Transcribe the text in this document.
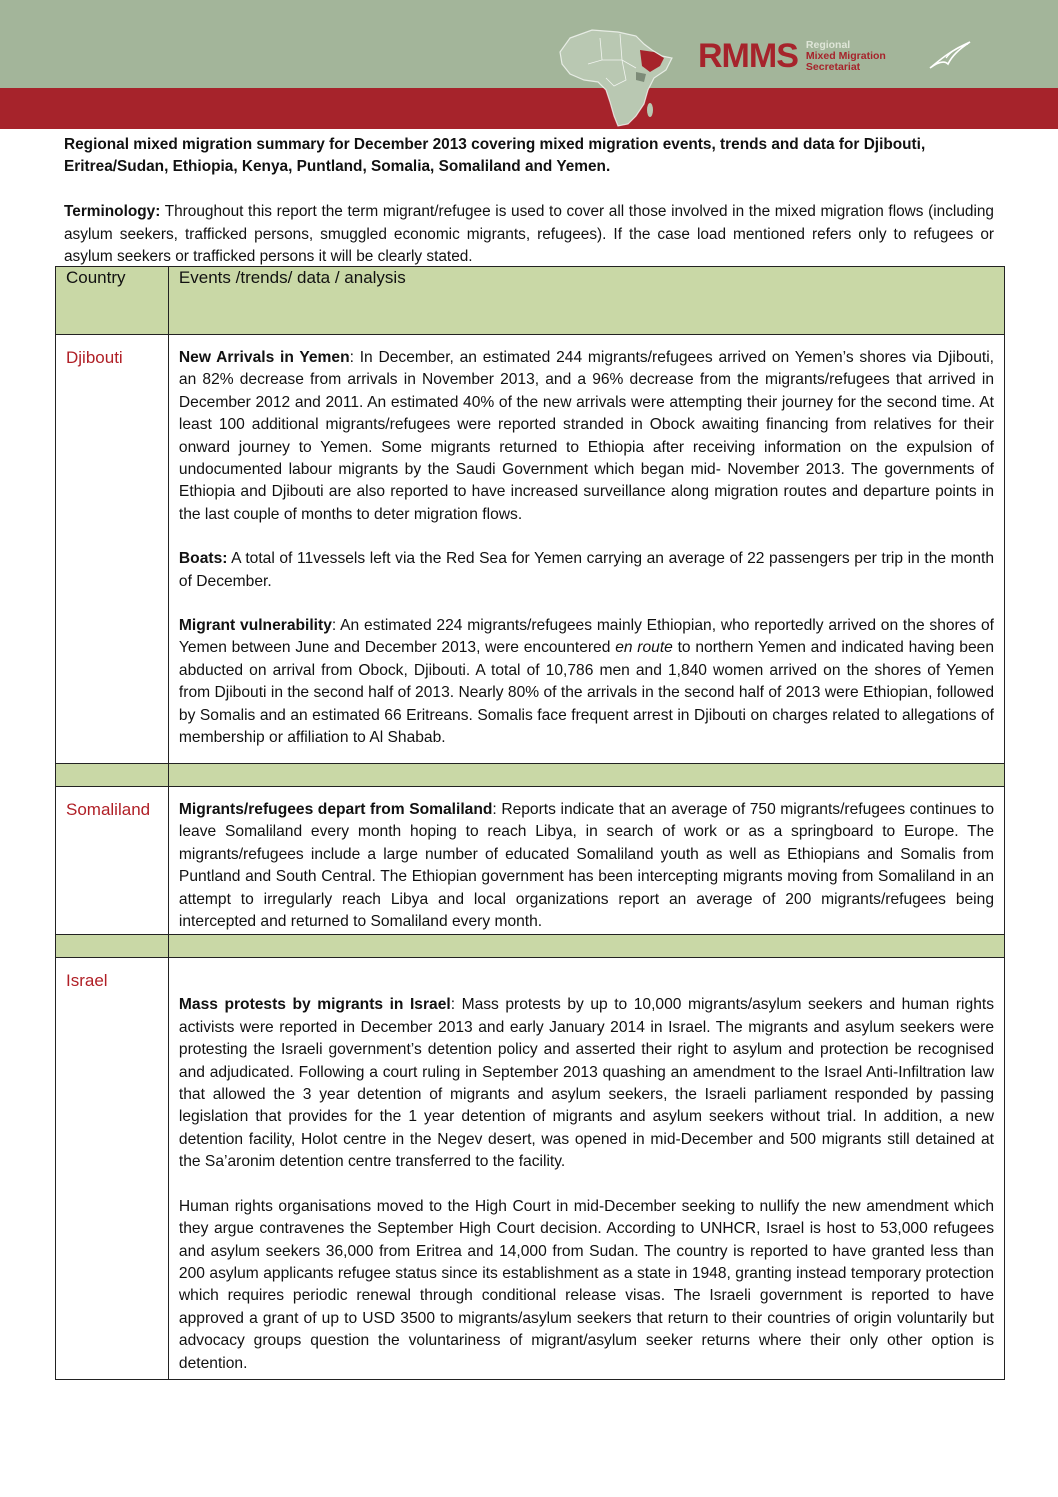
RMMS Regional
Mixed Migration
Secretariat
Regional mixed migration summary for December 2013 covering mixed migration events, trends and data for Djibouti, Eritrea/Sudan, Ethiopia, Kenya, Puntland, Somalia, Somaliland and Yemen.
Terminology: Throughout this report the term migrant/refugee is used to cover all those involved in the mixed migration flows (including asylum seekers, trafficked persons, smuggled economic migrants, refugees). If the case load mentioned refers only to refugees or asylum seekers or trafficked persons it will be clearly stated.
Country	Events /trends/ data / analysis

Djibouti	New Arrivals in Yemen: In December, an estimated 244 migrants/refugees arrived on Yemen’s shores via Djibouti, an 82% decrease from arrivals in November 2013, and a 96% decrease from the migrants/refugees that arrived in December 2012 and 2011. An estimated 40% of the new arrivals were attempting their journey for the second time. At least 100 additional migrants/refugees were reported stranded in Obock awaiting financing from relatives for their onward journey to Yemen. Some migrants returned to Ethiopia after receiving information on the expulsion of undocumented labour migrants by the Saudi Government which began mid- November 2013. The governments of Ethiopia and Djibouti are also reported to have increased surveillance along migration routes and departure points in the last couple of months to deter migration flows.

Boats: A total of 11vessels left via the Red Sea for Yemen carrying an average of 22 passengers per trip in the month of December.

Migrant vulnerability: An estimated 224 migrants/refugees mainly Ethiopian, who reportedly arrived on the shores of Yemen between June and December 2013, were encountered en route to northern Yemen and indicated having been abducted on arrival from Obock, Djibouti. A total of 10,786 men and 1,840 women arrived on the shores of Yemen from Djibouti in the second half of 2013. Nearly 80% of the arrivals in the second half of 2013 were Ethiopian, followed by Somalis and an estimated 66 Eritreans. Somalis face frequent arrest in Djibouti on charges related to allegations of membership or affiliation to Al Shabab.

Somaliland	Migrants/refugees depart from Somaliland: Reports indicate that an average of 750 migrants/refugees continues to leave Somaliland every month hoping to reach Libya, in search of work or as a springboard to Europe. The migrants/refugees include a large number of educated Somaliland youth as well as Ethiopians and Somalis from Puntland and South Central. The Ethiopian government has been intercepting migrants moving from Somaliland in an attempt to irregularly reach Libya and local organizations report an average of 200 migrants/refugees being intercepted and returned to Somaliland every month.

Israel	Mass protests by migrants in Israel: Mass protests by up to 10,000 migrants/asylum seekers and human rights activists were reported in December 2013 and early January 2014 in Israel. The migrants and asylum seekers were protesting the Israeli government’s detention policy and asserted their right to asylum and protection be recognised and adjudicated. Following a court ruling in September 2013 quashing an amendment to the Israel Anti-Infiltration law that allowed the 3 year detention of migrants and asylum seekers, the Israeli parliament responded by passing legislation that provides for the 1 year detention of migrants and asylum seekers without trial. In addition, a new detention facility, Holot centre in the Negev desert, was opened in mid-December and 500 migrants still detained at the Sa’aronim detention centre transferred to the facility.

Human rights organisations moved to the High Court in mid-December seeking to nullify the new amendment which they argue contravenes the September High Court decision. According to UNHCR, Israel is host to 53,000 refugees and asylum seekers 36,000 from Eritrea and 14,000 from Sudan. The country is reported to have granted less than 200 asylum applicants refugee status since its establishment as a state in 1948, granting instead temporary protection which requires periodic renewal through conditional release visas. The Israeli government is reported to have approved a grant of up to USD 3500 to migrants/asylum seekers that return to their countries of origin voluntarily but advocacy groups question the voluntariness of migrant/asylum seeker returns where their only other option is detention.
